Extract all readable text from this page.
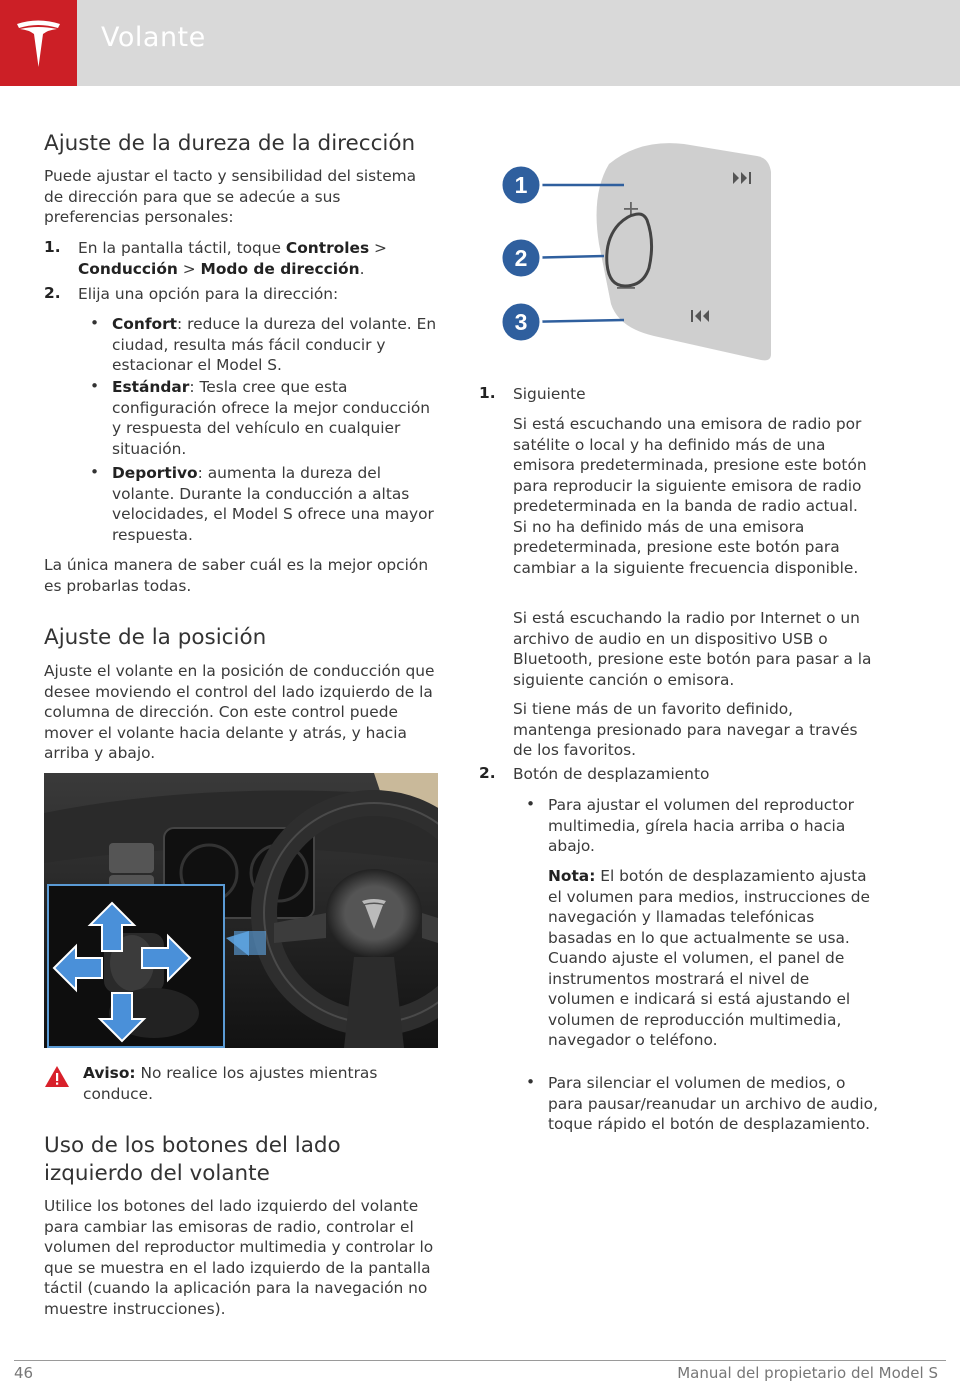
Volante
Ajuste de la dureza de la dirección

Puede ajustar el tacto y sensibilidad del sistema de dirección para que se adecúe a sus preferencias personales:

1. En la pantalla táctil, toque Controles > Conducción > Modo de dirección.

2. Elija una opción para la dirección:

• Confort: reduce la dureza del volante. En ciudad, resulta más fácil conducir y estacionar el Model S.

• Estándar: Tesla cree que esta configuración ofrece la mejor conducción y respuesta del vehículo en cualquier situación.

• Deportivo: aumenta la dureza del volante. Durante la conducción a altas velocidades, el Model S ofrece una mayor respuesta.

La única manera de saber cuál es la mejor opción es probarlas todas.

Ajuste de la posición

Ajuste el volante en la posición de conducción que desee moviendo el control del lado izquierdo de la columna de dirección. Con este control puede mover el volante hacia delante y atrás, y hacia arriba y abajo.

Aviso: No realice los ajustes mientras conduce.

Uso de los botones del lado izquierdo del volante

Utilice los botones del lado izquierdo del volante para cambiar las emisoras de radio, controlar el volumen del reproductor multimedia y controlar lo que se muestra en el lado izquierdo de la pantalla táctil (cuando la aplicación para la navegación no muestre instrucciones).

1
2
3
1. Siguiente

Si está escuchando una emisora de radio por satélite o local y ha definido más de una emisora predeterminada, presione este botón para reproducir la siguiente emisora de radio predeterminada en la banda de radio actual. Si no ha definido más de una emisora predeterminada, presione este botón para cambiar a la siguiente frecuencia disponible.

Si está escuchando la radio por Internet o un archivo de audio en un dispositivo USB o Bluetooth, presione este botón para pasar a la siguiente canción o emisora.

Si tiene más de un favorito definido, mantenga presionado para navegar a través de los favoritos.

2. Botón de desplazamiento

• Para ajustar el volumen del reproductor multimedia, gírela hacia arriba o hacia abajo.

Nota: El botón de desplazamiento ajusta el volumen para medios, instrucciones de navegación y llamadas telefónicas basadas en lo que actualmente se usa. Cuando ajuste el volumen, el panel de instrumentos mostrará el nivel de volumen e indicará si está ajustando el volumen de reproducción multimedia, navegador o teléfono.

• Para silenciar el volumen de medios, o para pausar/reanudar un archivo de audio, toque rápido el botón de desplazamiento.

46	Manual del propietario del Model S
